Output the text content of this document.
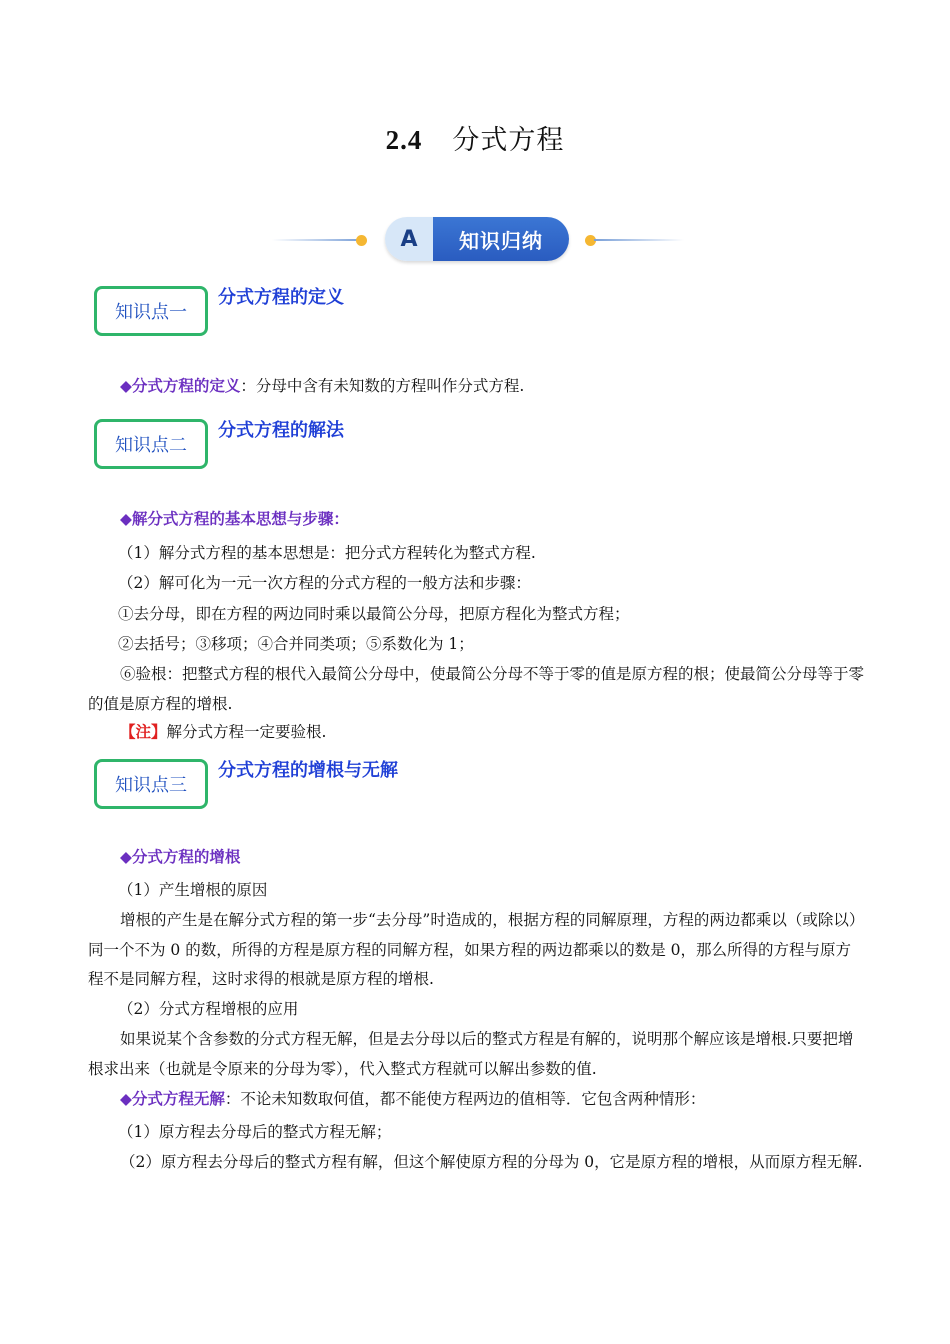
2.4 分式方程
A	知识归纳
知识点一
分式方程的定义
◆分式方程的定义：分母中含有未知数的方程叫作分式方程.
知识点二
分式方程的解法
◆解分式方程的基本思想与步骤：
（1）解分式方程的基本思想是：把分式方程转化为整式方程.
（2）解可化为一元一次方程的分式方程的一般方法和步骤：
①去分母，即在方程的两边同时乘以最简公分母，把原方程化为整式方程；
②去括号；③移项；④合并同类项；⑤系数化为 1；
⑥验根：把整式方程的根代入最简公分母中，使最简公分母不等于零的值是原方程的根；使最简公分母等于零的值是原方程的增根.
【注】解分式方程一定要验根.
知识点三
分式方程的增根与无解
◆分式方程的增根
（1）产生增根的原因
增根的产生是在解分式方程的第一步“去分母”时造成的，根据方程的同解原理，方程的两边都乘以（或除以）同一个不为 0 的数，所得的方程是原方程的同解方程，如果方程的两边都乘以的数是 0，那么所得的方程与原方程不是同解方程，这时求得的根就是原方程的增根.
（2）分式方程增根的应用
如果说某个含参数的分式方程无解，但是去分母以后的整式方程是有解的，说明那个解应该是增根.只要把增根求出来（也就是令原来的分母为零），代入整式方程就可以解出参数的值.
◆分式方程无解：不论未知数取何值，都不能使方程两边的值相等．它包含两种情形：
（1）原方程去分母后的整式方程无解；
（2）原方程去分母后的整式方程有解，但这个解使原方程的分母为 0，它是原方程的增根，从而原方程无解.
